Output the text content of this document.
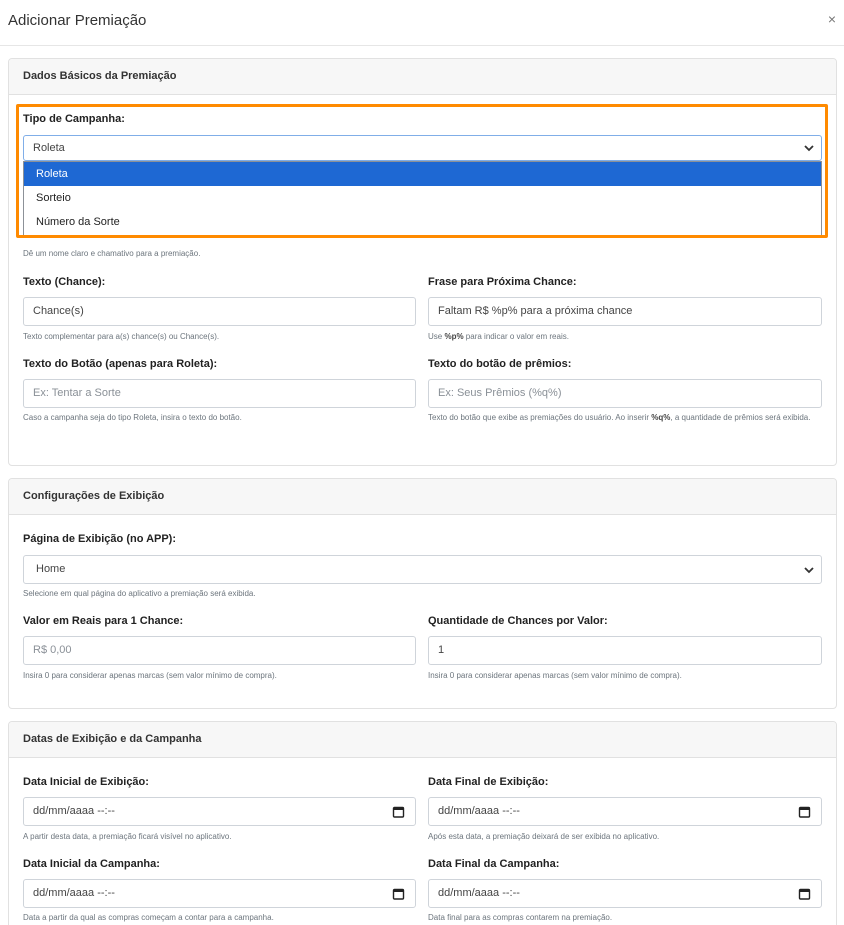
Adicionar Premiação	×
Dados Básicos da Premiação
Tipo de Campanha:
Roleta
Dê um nome claro e chamativo para a premiação.
Texto (Chance):
Chance(s)
Texto complementar para a(s) chance(s) ou Chance(s).
Frase para Próxima Chance:
Faltam R$ %p% para a próxima chance
Use %p% para indicar o valor em reais.
Texto do Botão (apenas para Roleta):
Ex: Tentar a Sorte
Caso a campanha seja do tipo Roleta, insira o texto do botão.
Texto do botão de prêmios:
Ex: Seus Prêmios (%q%)
Texto do botão que exibe as premiações do usuário. Ao inserir %q%, a quantidade de prêmios será exibida.
Roleta
Sorteio
Número da Sorte
Configurações de Exibição
Página de Exibição (no APP):
Home
Selecione em qual página do aplicativo a premiação será exibida.
Valor em Reais para 1 Chance:
R$ 0,00
Insira 0 para considerar apenas marcas (sem valor mínimo de compra).
Quantidade de Chances por Valor:
1
Insira 0 para considerar apenas marcas (sem valor mínimo de compra).
Datas de Exibição e da Campanha
Data Inicial de Exibição:
dd/mm/aaaa --:--
A partir desta data, a premiação ficará visível no aplicativo.
Data Final de Exibição:
dd/mm/aaaa --:--
Após esta data, a premiação deixará de ser exibida no aplicativo.
Data Inicial da Campanha:
dd/mm/aaaa --:--
Data a partir da qual as compras começam a contar para a campanha.
Data Final da Campanha:
dd/mm/aaaa --:--
Data final para as compras contarem na premiação.
